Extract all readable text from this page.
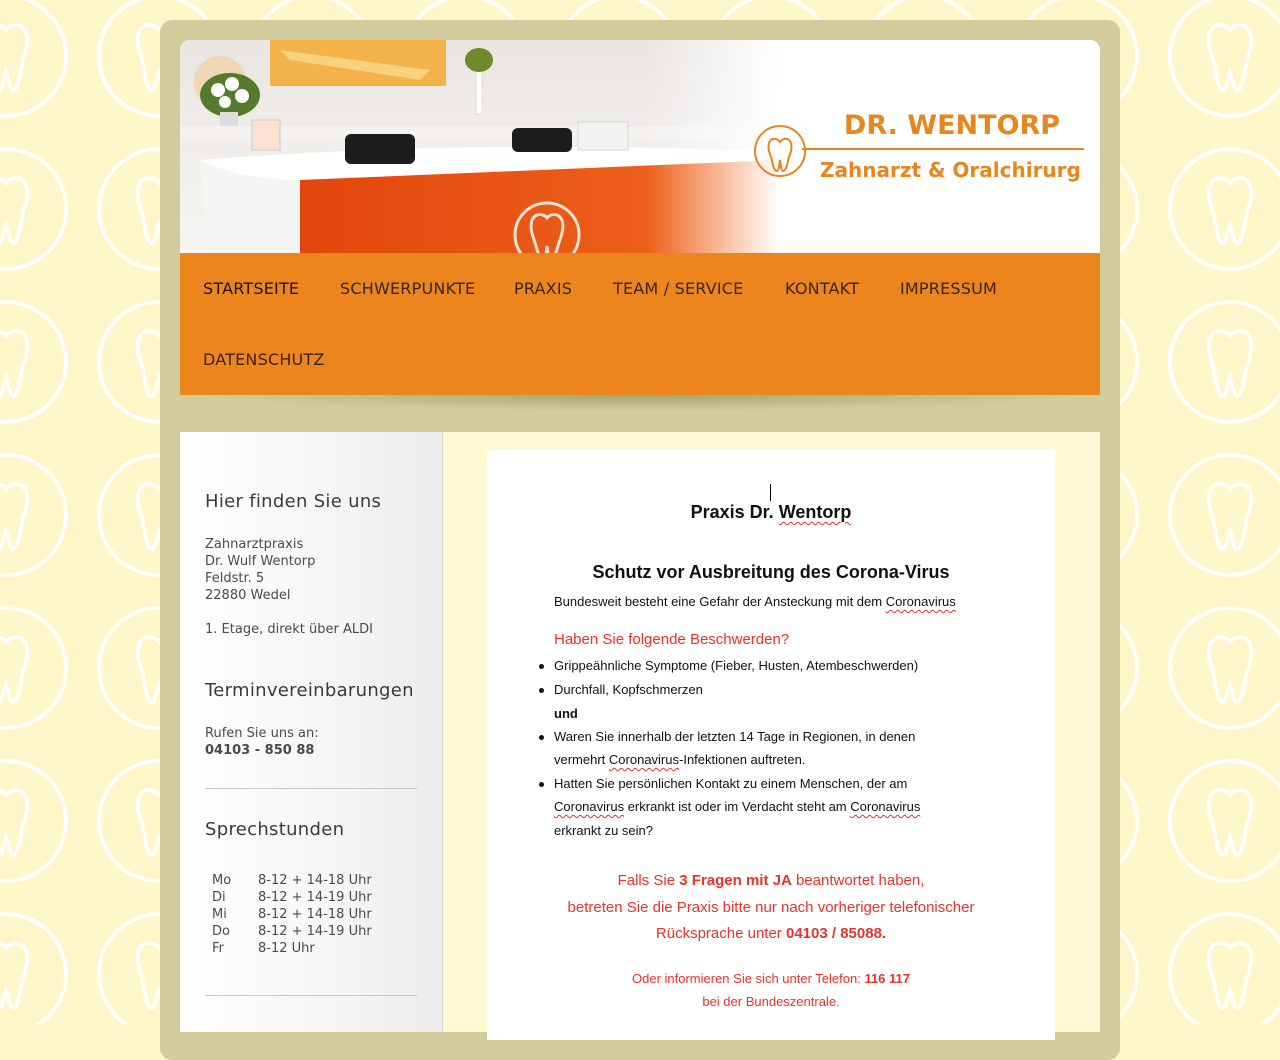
DR. WENTORP
Zahnarzt & Oralchirurg
STARTSEITE	SCHWERPUNKTE PRAXIS	TEAM / SERVICE	KONTAKT	IMPRESSUM
DATENSCHUTZ
Hier finden Sie uns
Zahnarztpraxis
Dr. Wulf Wentorp
Feldstr. 5
22880 Wedel
1. Etage, direkt über ALDI
Terminvereinbarungen
Rufen Sie uns an:
04103 - 850 88
Sprechstunden
Mo 8-12 + 14-18 Uhr
Di 8-12 + 14-19 Uhr
Mi 8-12 + 14-18 Uhr
Do 8-12 + 14-19 Uhr
Fr	8-12 Uhr
Praxis Dr. Wentorp
Schutz vor Ausbreitung des Corona-Virus
Bundesweit besteht eine Gefahr der Ansteckung mit dem Coronavirus
Haben Sie folgende Beschwerden?
Grippeähnliche Symptome (Fieber, Husten, Atembeschwerden)
Durchfall, Kopfschmerzen
und
Waren Sie innerhalb der letzten 14 Tage in Regionen, in denen
vermehrt Coronavirus-Infektionen auftreten.
Hatten Sie persönlichen Kontakt zu einem Menschen, der am
Coronavirus erkrankt ist oder im Verdacht steht am Coronavirus
erkrankt zu sein?
Falls Sie 3 Fragen mit JA beantwortet haben,
betreten Sie die Praxis bitte nur nach vorheriger telefonischer
Rücksprache unter 04103 / 85088.
Oder informieren Sie sich unter Telefon: 116 117
bei der Bundeszentrale.
